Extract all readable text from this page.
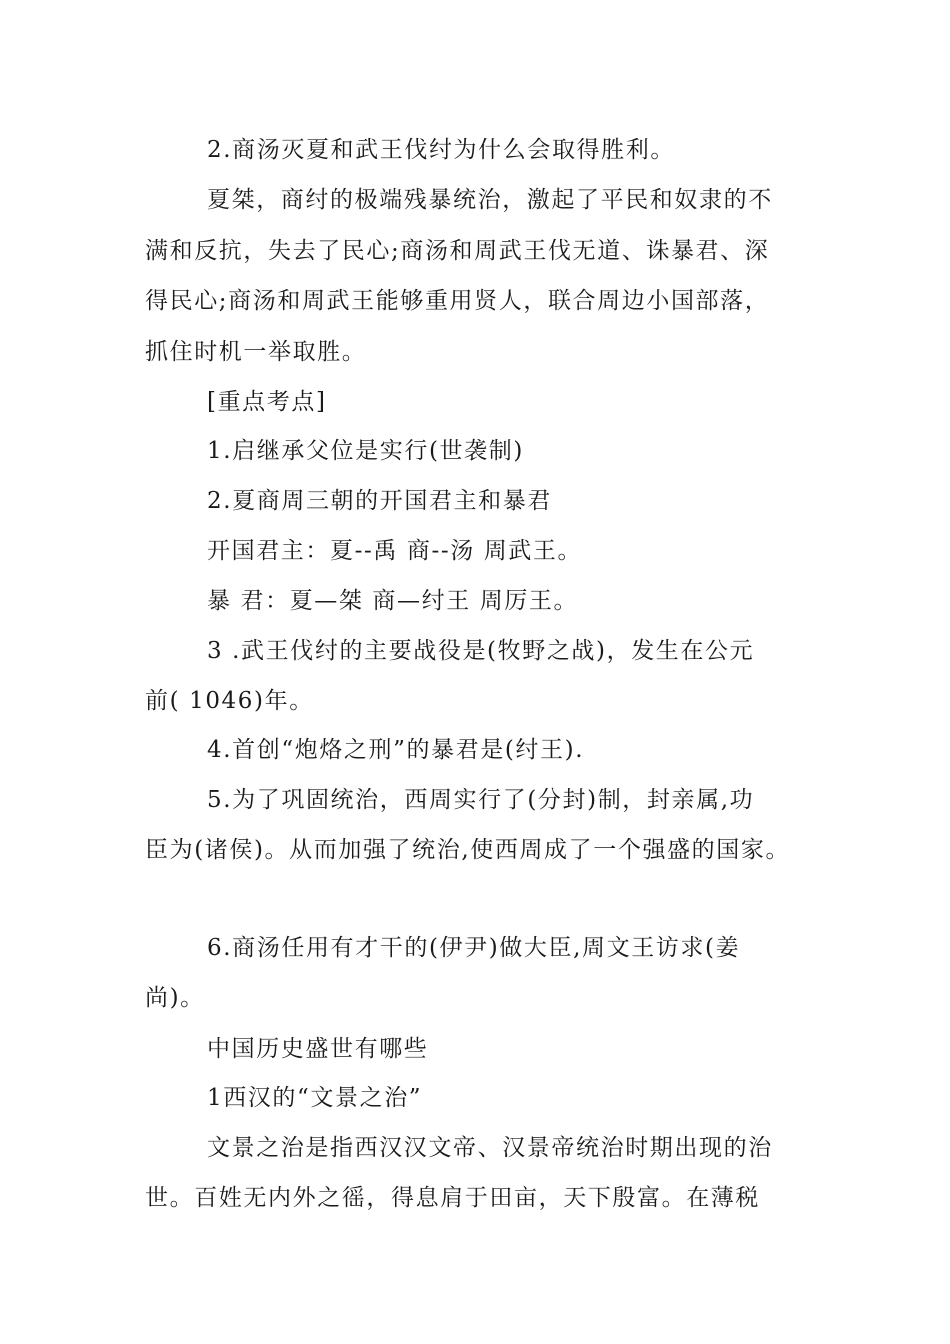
2.商汤灭夏和武王伐纣为什么会取得胜利。

夏桀，商纣的极端残暴统治，激起了平民和奴隶的不

满和反抗，失去了民心;商汤和周武王伐无道、诛暴君、深

得民心;商汤和周武王能够重用贤人，联合周边小国部落，

抓住时机一举取胜。

[重点考点]

1.启继承父位是实行(世袭制)

2.夏商周三朝的开国君主和暴君

开国君主：夏--禹 商--汤 周武王。

暴 君：夏—桀 商—纣王 周厉王。

3 .武王伐纣的主要战役是(牧野之战)，发生在公元

前( 1046)年。

4.首创“炮烙之刑”的暴君是(纣王).

5.为了巩固统治，西周实行了(分封)制，封亲属,功

臣为(诸侯)。从而加强了统治,使西周成了一个强盛的国家。

6.商汤任用有才干的(伊尹)做大臣,周文王访求(姜

尚)。

中国历史盛世有哪些

1西汉的“文景之治”

文景之治是指西汉汉文帝、汉景帝统治时期出现的治

世。百姓无内外之徭，得息肩于田亩，天下殷富。在薄税
